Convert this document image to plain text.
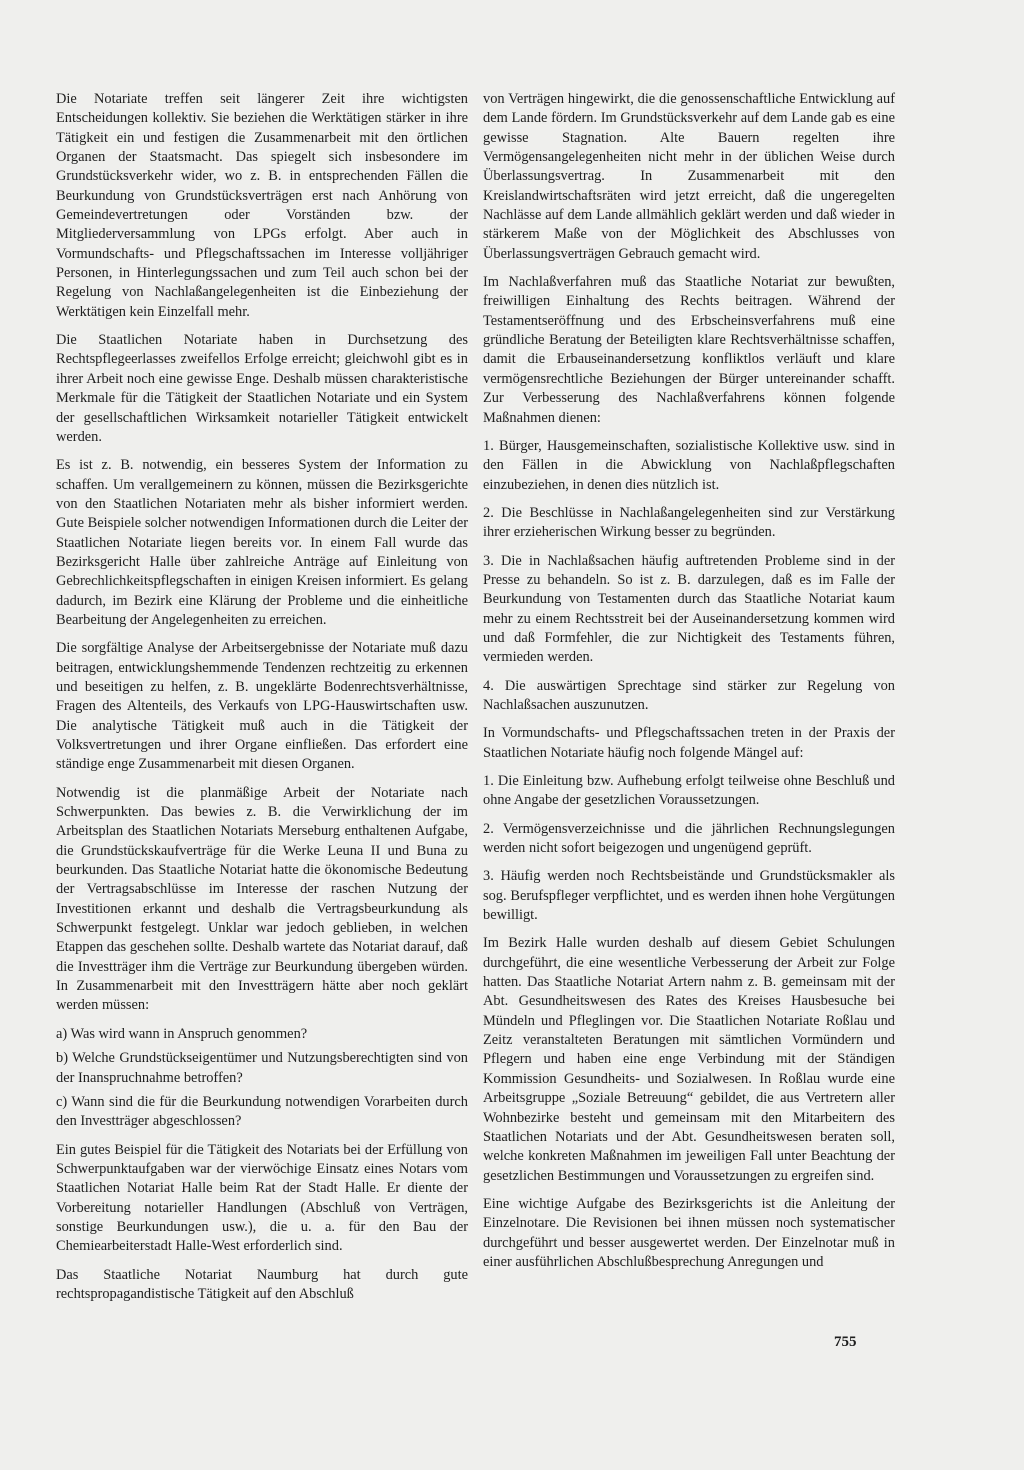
Die Notariate treffen seit längerer Zeit ihre wichtigsten Entscheidungen kollektiv. Sie beziehen die Werktätigen stärker in ihre Tätigkeit ein und festigen die Zusammenarbeit mit den örtlichen Organen der Staatsmacht. Das spiegelt sich insbesondere im Grundstücksverkehr wider, wo z. B. in entsprechenden Fällen die Beurkundung von Grundstücksverträgen erst nach Anhörung von Gemeindevertretungen oder Vorständen bzw. der Mitgliederversammlung von LPGs erfolgt. Aber auch in Vormundschafts- und Pflegschaftssachen im Interesse volljähriger Personen, in Hinterlegungssachen und zum Teil auch schon bei der Regelung von Nachlaßangelegenheiten ist die Einbeziehung der Werktätigen kein Einzelfall mehr.

Die Staatlichen Notariate haben in Durchsetzung des Rechtspflegeerlasses zweifellos Erfolge erreicht; gleichwohl gibt es in ihrer Arbeit noch eine gewisse Enge. Deshalb müssen charakteristische Merkmale für die Tätigkeit der Staatlichen Notariate und ein System der gesellschaftlichen Wirksamkeit notarieller Tätigkeit entwickelt werden.

Es ist z. B. notwendig, ein besseres System der Information zu schaffen. Um verallgemeinern zu können, müssen die Bezirksgerichte von den Staatlichen Notariaten mehr als bisher informiert werden. Gute Beispiele solcher notwendigen Informationen durch die Leiter der Staatlichen Notariate liegen bereits vor. In einem Fall wurde das Bezirksgericht Halle über zahlreiche Anträge auf Einleitung von Gebrechlichkeitspflegschaften in einigen Kreisen informiert. Es gelang dadurch, im Bezirk eine Klärung der Probleme und die einheitliche Bearbeitung der Angelegenheiten zu erreichen.

Die sorgfältige Analyse der Arbeitsergebnisse der Notariate muß dazu beitragen, entwicklungshemmende Tendenzen rechtzeitig zu erkennen und beseitigen zu helfen, z. B. ungeklärte Bodenrechtsverhältnisse, Fragen des Altenteils, des Verkaufs von LPG-Hauswirtschaften usw. Die analytische Tätigkeit muß auch in die Tätigkeit der Volksvertretungen und ihrer Organe einfließen. Das erfordert eine ständige enge Zusammenarbeit mit diesen Organen.

Notwendig ist die planmäßige Arbeit der Notariate nach Schwerpunkten. Das bewies z. B. die Verwirklichung der im Arbeitsplan des Staatlichen Notariats Merseburg enthaltenen Aufgabe, die Grundstückskaufverträge für die Werke Leuna II und Buna zu beurkunden. Das Staatliche Notariat hatte die ökonomische Bedeutung der Vertragsabschlüsse im Interesse der raschen Nutzung der Investitionen erkannt und deshalb die Vertragsbeurkundung als Schwerpunkt festgelegt. Unklar war jedoch geblieben, in welchen Etappen das geschehen sollte. Deshalb wartete das Notariat darauf, daß die Investträger ihm die Verträge zur Beurkundung übergeben würden. In Zusammenarbeit mit den Investträgern hätte aber noch geklärt werden müssen:

a) Was wird wann in Anspruch genommen?

b) Welche Grundstückseigentümer und Nutzungsberechtigten sind von der Inanspruchnahme betroffen?

c) Wann sind die für die Beurkundung notwendigen Vorarbeiten durch den Investträger abgeschlossen?

Ein gutes Beispiel für die Tätigkeit des Notariats bei der Erfüllung von Schwerpunktaufgaben war der vierwöchige Einsatz eines Notars vom Staatlichen Notariat Halle beim Rat der Stadt Halle. Er diente der Vorbereitung notarieller Handlungen (Abschluß von Verträgen, sonstige Beurkundungen usw.), die u. a. für den Bau der Chemiearbeiterstadt Halle-West erforderlich sind.

Das Staatliche Notariat Naumburg hat durch gute rechtspropagandistische Tätigkeit auf den Abschluß

von Verträgen hingewirkt, die die genossenschaftliche Entwicklung auf dem Lande fördern. Im Grundstücksverkehr auf dem Lande gab es eine gewisse Stagnation. Alte Bauern regelten ihre Vermögensangelegenheiten nicht mehr in der üblichen Weise durch Überlassungsvertrag. In Zusammenarbeit mit den Kreislandwirtschaftsräten wird jetzt erreicht, daß die ungeregelten Nachlässe auf dem Lande allmählich geklärt werden und daß wieder in stärkerem Maße von der Möglichkeit des Abschlusses von Überlassungsverträgen Gebrauch gemacht wird.

Im Nachlaßverfahren muß das Staatliche Notariat zur bewußten, freiwilligen Einhaltung des Rechts beitragen. Während der Testamentseröffnung und des Erbscheinsverfahrens muß eine gründliche Beratung der Beteiligten klare Rechtsverhältnisse schaffen, damit die Erbauseinandersetzung konfliktlos verläuft und klare vermögensrechtliche Beziehungen der Bürger untereinander schafft. Zur Verbesserung des Nachlaßverfahrens können folgende Maßnahmen dienen:

1. Bürger, Hausgemeinschaften, sozialistische Kollektive usw. sind in den Fällen in die Abwicklung von Nachlaßpflegschaften einzubeziehen, in denen dies nützlich ist.

2. Die Beschlüsse in Nachlaßangelegenheiten sind zur Verstärkung ihrer erzieherischen Wirkung besser zu begründen.

3. Die in Nachlaßsachen häufig auftretenden Probleme sind in der Presse zu behandeln. So ist z. B. darzulegen, daß es im Falle der Beurkundung von Testamenten durch das Staatliche Notariat kaum mehr zu einem Rechtsstreit bei der Auseinandersetzung kommen wird und daß Formfehler, die zur Nichtigkeit des Testaments führen, vermieden werden.

4. Die auswärtigen Sprechtage sind stärker zur Regelung von Nachlaßsachen auszunutzen.

In Vormundschafts- und Pflegschaftssachen treten in der Praxis der Staatlichen Notariate häufig noch folgende Mängel auf:

1. Die Einleitung bzw. Aufhebung erfolgt teilweise ohne Beschluß und ohne Angabe der gesetzlichen Voraussetzungen.

2. Vermögensverzeichnisse und die jährlichen Rechnungslegungen werden nicht sofort beigezogen und ungenügend geprüft.

3. Häufig werden noch Rechtsbeistände und Grundstücksmakler als sog. Berufspfleger verpflichtet, und es werden ihnen hohe Vergütungen bewilligt.

Im Bezirk Halle wurden deshalb auf diesem Gebiet Schulungen durchgeführt, die eine wesentliche Verbesserung der Arbeit zur Folge hatten. Das Staatliche Notariat Artern nahm z. B. gemeinsam mit der Abt. Gesundheitswesen des Rates des Kreises Hausbesuche bei Mündeln und Pfleglingen vor. Die Staatlichen Notariate Roßlau und Zeitz veranstalteten Beratungen mit sämtlichen Vormündern und Pflegern und haben eine enge Verbindung mit der Ständigen Kommission Gesundheits- und Sozialwesen. In Roßlau wurde eine Arbeitsgruppe „Soziale Betreuung“ gebildet, die aus Vertretern aller Wohnbezirke besteht und gemeinsam mit den Mitarbeitern des Staatlichen Notariats und der Abt. Gesundheitswesen beraten soll, welche konkreten Maßnahmen im jeweiligen Fall unter Beachtung der gesetzlichen Bestimmungen und Voraussetzungen zu ergreifen sind.

Eine wichtige Aufgabe des Bezirksgerichts ist die Anleitung der Einzelnotare. Die Revisionen bei ihnen müssen noch systematischer durchgeführt und besser ausgewertet werden. Der Einzelnotar muß in einer ausführlichen Abschlußbesprechung Anregungen und

755
